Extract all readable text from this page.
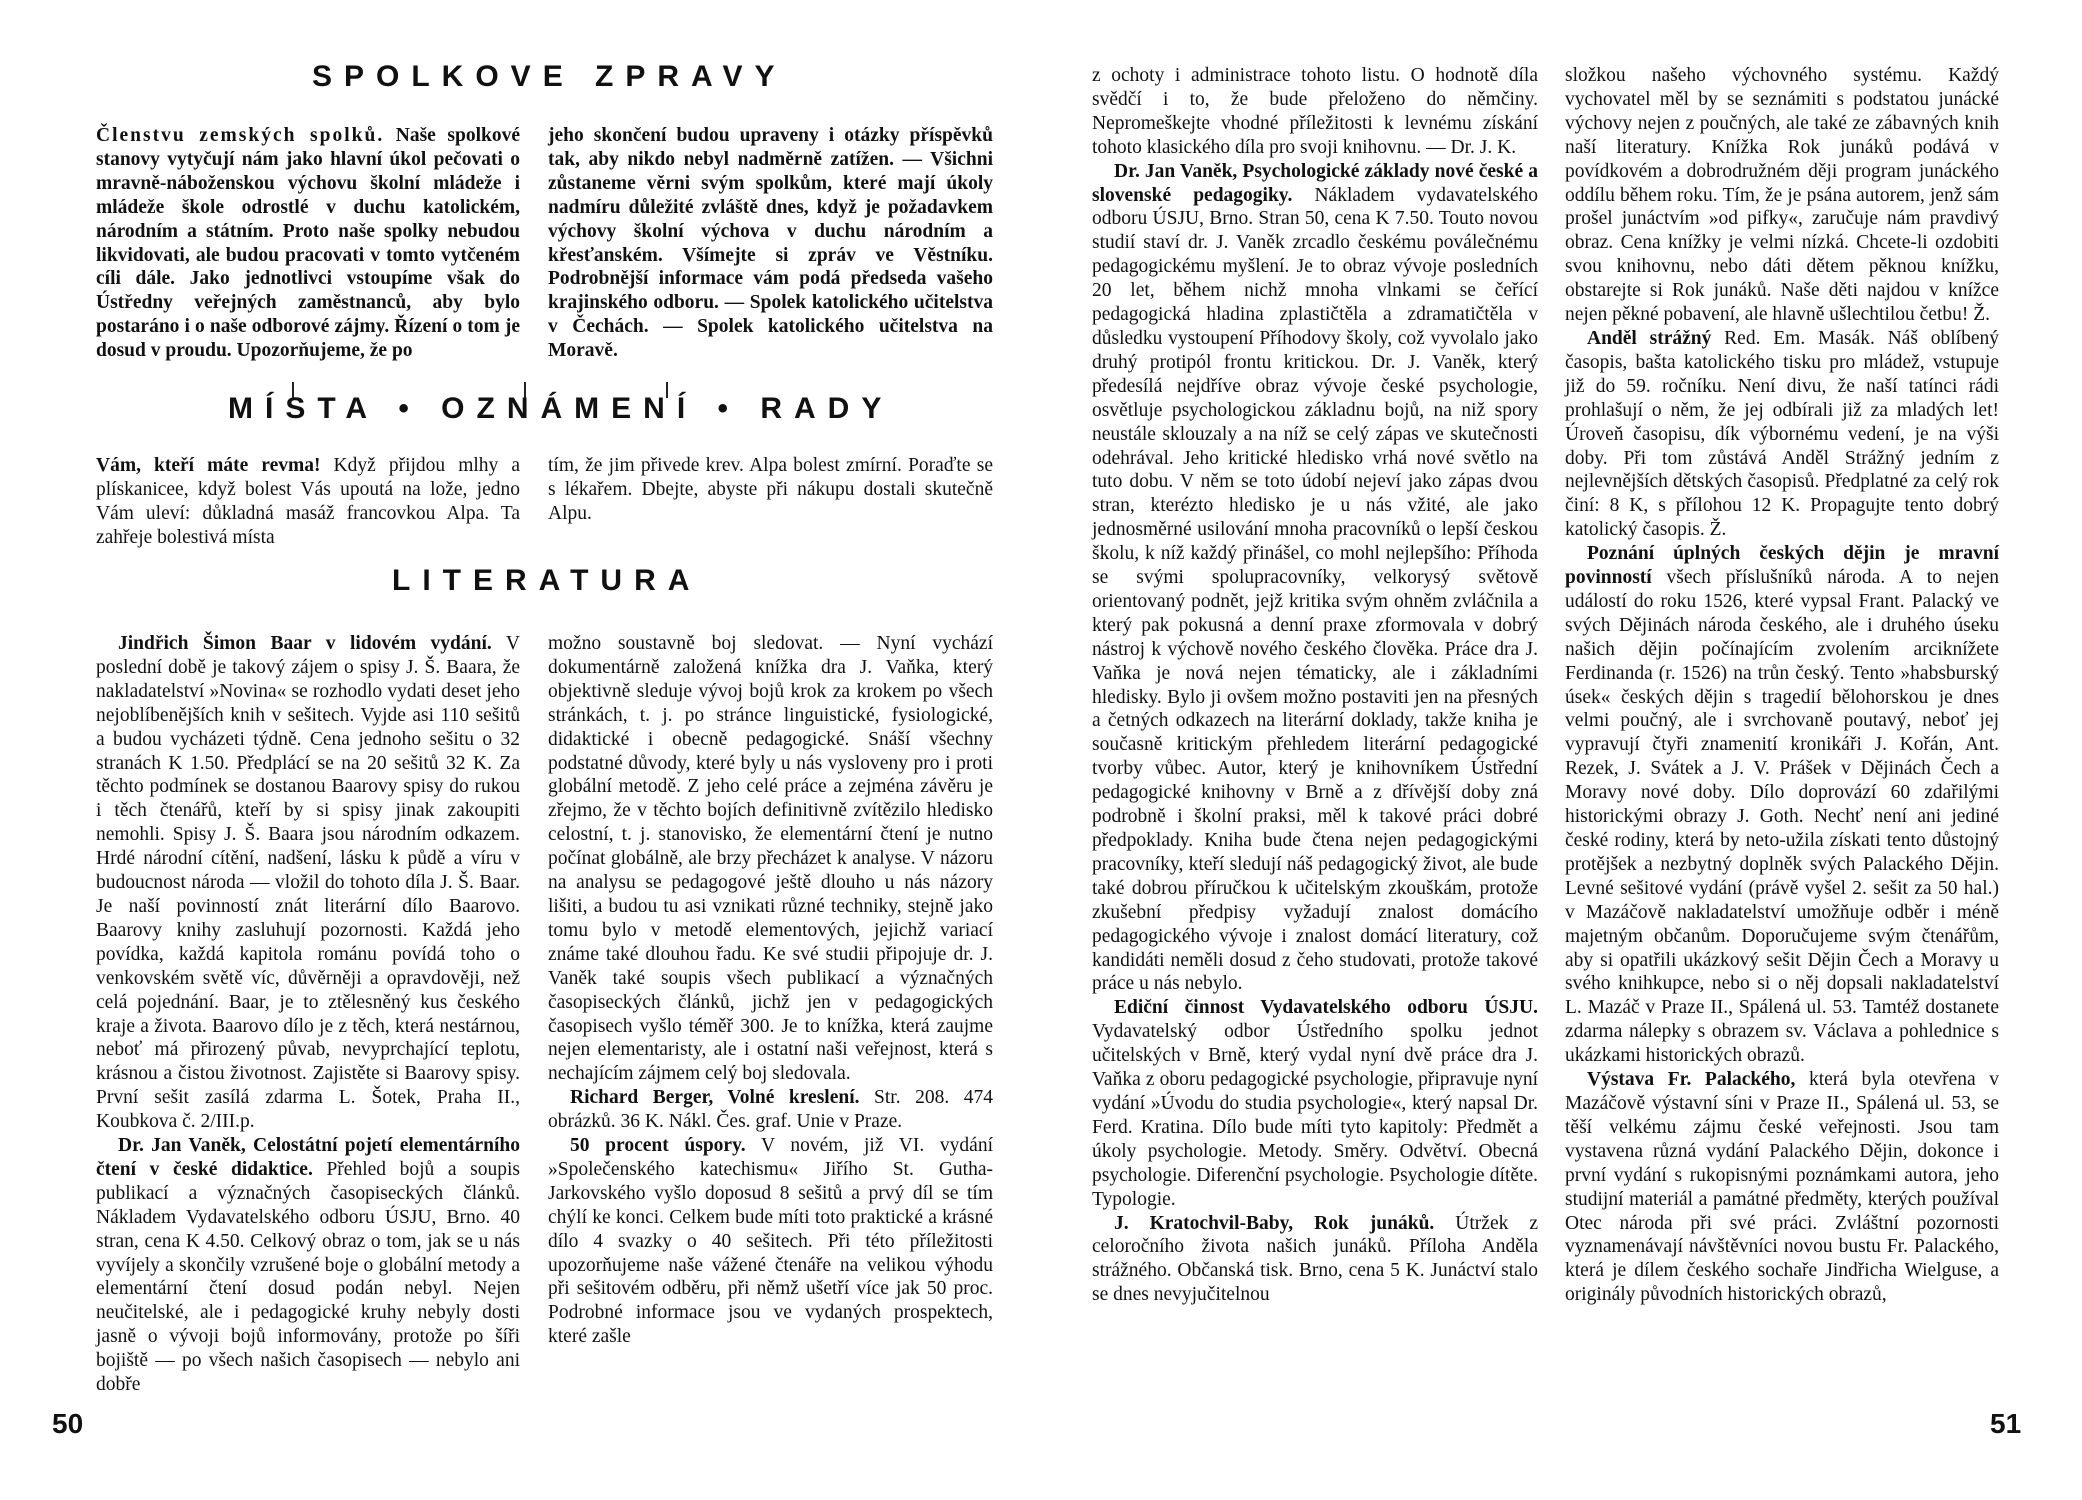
SPOLKOVE ZPRAVY

Členstvu zemských spolků. Naše spolkové stanovy vytyčují nám jako hlavní úkol pečovati o mravně-náboženskou výchovu školní mládeže i mládeže škole odrostlé v duchu katolickém, národním a státním. Proto naše spolky nebudou likvidovati, ale budou pracovati v tomto vytčeném cíli dále. Jako jednotlivci vstoupíme však do Ústředny veřejných zaměstnanců, aby bylo postaráno i o naše odborové zájmy. Řízení o tom je dosud v proudu. Upozorňujeme, že po

jeho skončení budou upraveny i otázky příspěvků tak, aby nikdo nebyl nadměrně zatížen. — Všichni zůstaneme věrni svým spolkům, které mají úkoly nadmíru důležité zvláště dnes, když je požadavkem výchovy školní výchova v duchu národním a křesťanském. Všímejte si zpráv ve Věstníku. Podrobnější informace vám podá předseda vašeho krajinského odboru. — Spolek katolického učitelstva v Čechách. — Spolek katolického učitelstva na Moravě.

MÍSTA • OZNÁMENÍ • RADY

Vám, kteří máte revma! Když přijdou mlhy a plískanicee, když bolest Vás upoutá na lože, jedno Vám uleví: důkladná masáž francovkou Alpa. Ta zahřeje bolestivá místa

tím, že jim přivede krev. Alpa bolest zmírní. Poraďte se s lékařem. Dbejte, abyste při nákupu dostali skutečně Alpu.

LITERATURA

Jindřich Šimon Baar v lidovém vydání. V poslední době je takový zájem o spisy J. Š. Baara, že nakladatelství »Novina« se rozhodlo vydati deset jeho nejoblíbenějších knih v sešitech. Vyjde asi 110 sešitů a budou vycházeti týdně. Cena jednoho sešitu o 32 stranách K 1.50. Předplácí se na 20 sešitů 32 K. Za těchto podmínek se dostanou Baarovy spisy do rukou i těch čtenářů, kteří by si spisy jinak zakoupiti nemohli. Spisy J. Š. Baara jsou národním odkazem. Hrdé národní cítění, nadšení, lásku k půdě a víru v budoucnost národa — vložil do tohoto díla J. Š. Baar. Je naší povinností znát literární dílo Baarovo. Baarovy knihy zasluhují pozornosti. Každá jeho povídka, každá kapitola románu povídá toho o venkovském světě víc, důvěrněji a opravdověji, než celá pojednání. Baar, je to ztělesněný kus českého kraje a života. Baarovo dílo je z těch, která nestárnou, neboť má přirozený půvab, nevyprchající teplotu, krásnou a čistou životnost. Zajistěte si Baarovy spisy. První sešit zasílá zdarma L. Šotek, Praha II., Koubkova č. 2/III.p.

Dr. Jan Vaněk, Celostátní pojetí elementárního čtení v české didaktice. Přehled bojů a soupis publikací a význačných časopiseckých článků. Nákladem Vydavatelského odboru ÚSJU, Brno. 40 stran, cena K 4.50. Celkový obraz o tom, jak se u nás vyvíjely a skončily vzrušené boje o globální metody a elementární čtení dosud podán nebyl. Nejen neučitelské, ale i pedagogické kruhy nebyly dosti jasně o vývoji bojů informovány, protože po šíři bojiště — po všech našich časopisech — nebylo ani dobře

možno soustavně boj sledovat. — Nyní vychází dokumentárně založená knížka dra J. Vaňka, který objektivně sleduje vývoj bojů krok za krokem po všech stránkách, t. j. po stránce linguistické, fysiologické, didaktické i obecně pedagogické. Snáší všechny podstatné důvody, které byly u nás vysloveny pro i proti globální metodě. Z jeho celé práce a zejména závěru je zřejmo, že v těchto bojích definitivně zvítězilo hledisko celostní, t. j. stanovisko, že elementární čtení je nutno počínat globálně, ale brzy přecházet k analyse. V názoru na analysu se pedagogové ještě dlouho u nás názory lišiti, a budou tu asi vznikati různé techniky, stejně jako tomu bylo v metodě elementových, jejichž variací známe také dlouhou řadu. Ke své studii připojuje dr. J. Vaněk také soupis všech publikací a význačných časopiseckých článků, jichž jen v pedagogických časopisech vyšlo téměř 300. Je to knížka, která zaujme nejen elementaristy, ale i ostatní naši veřejnost, která s nechajícím zájmem celý boj sledovala.

Richard Berger, Volné kreslení. Str. 208. 474 obrázků. 36 K. Nákl. Čes. graf. Unie v Praze.

50 procent úspory. V novém, již VI. vydání »Společenského katechismu« Jiřího St. Gutha-Jarkovského vyšlo doposud 8 sešitů a prvý díl se tím chýlí ke konci. Celkem bude míti toto praktické a krásné dílo 4 svazky o 40 sešitech. Při této příležitosti upozorňujeme naše vážené čtenáře na velikou výhodu při sešitovém odběru, při němž ušetří více jak 50 proc. Podrobné informace jsou ve vydaných prospektech, které zašle

50

z ochoty i administrace tohoto listu. O hodnotě díla svědčí i to, že bude přeloženo do němčiny. Nepromeškejte vhodné příležitosti k levnému získání tohoto klasického díla pro svoji knihovnu. — Dr. J. K.

Dr. Jan Vaněk, Psychologické základy nové české a slovenské pedagogiky. Nákladem vydavatelského odboru ÚSJU, Brno. Stran 50, cena K 7.50. Touto novou studií staví dr. J. Vaněk zrcadlo českému poválečnému pedagogickému myšlení. Je to obraz vývoje posledních 20 let, během nichž mnoha vlnkami se čeřící pedagogická hladina zplastičtěla a zdramatičtěla v důsledku vystoupení Příhodovy školy, což vyvolalo jako druhý protipól frontu kritickou. Dr. J. Vaněk, který předesílá nejdříve obraz vývoje české psychologie, osvětluje psychologickou základnu bojů, na niž spory neustále sklouzaly a na níž se celý zápas ve skutečnosti odehrával. Jeho kritické hledisko vrhá nové světlo na tuto dobu. V něm se toto údobí nejeví jako zápas dvou stran, kterézto hledisko je u nás vžité, ale jako jednosměrné usilování mnoha pracovníků o lepší českou školu, k níž každý přinášel, co mohl nejlepšího: Příhoda se svými spolupracovníky, velkorysý světově orientovaný podnět, jejž kritika svým ohněm zvláčnila a který pak pokusná a denní praxe zformovala v dobrý nástroj k výchově nového českého člověka. Práce dra J. Vaňka je nová nejen tématicky, ale i základními hledisky. Bylo ji ovšem možno postaviti jen na přesných a četných odkazech na literární doklady, takže kniha je současně kritickým přehledem literární pedagogické tvorby vůbec. Autor, který je knihovníkem Ústřední pedagogické knihovny v Brně a z dřívější doby zná podrobně i školní praksi, měl k takové práci dobré předpoklady. Kniha bude čtena nejen pedagogickými pracovníky, kteří sledují náš pedagogický život, ale bude také dobrou příručkou k učitelským zkouškám, protože zkušební předpisy vyžadují znalost domácího pedagogického vývoje i znalost domácí literatury, což kandidáti neměli dosud z čeho studovati, protože takové práce u nás nebylo.

Ediční činnost Vydavatelského odboru ÚSJU. Vydavatelský odbor Ústředního spolku jednot učitelských v Brně, který vydal nyní dvě práce dra J. Vaňka z oboru pedagogické psychologie, připravuje nyní vydání »Úvodu do studia psychologie«, který napsal Dr. Ferd. Kratina. Dílo bude míti tyto kapitoly: Předmět a úkoly psychologie. Metody. Směry. Odvětví. Obecná psychologie. Diferenční psychologie. Psychologie dítěte. Typologie.

J. Kratochvil-Baby, Rok junáků. Útržek z celoročního života našich junáků. Příloha Anděla strážného. Občanská tisk. Brno, cena 5 K. Junáctví stalo se dnes nevyjučitelnou

složkou našeho výchovného systému. Každý vychovatel měl by se seznámiti s podstatou junácké výchovy nejen z poučných, ale také ze zábavných knih naší literatury. Knížka Rok junáků podává v povídkovém a dobrodružném ději program junáckého oddílu během roku. Tím, že je psána autorem, jenž sám prošel junáctvím »od pifky«, zaručuje nám pravdivý obraz. Cena knížky je velmi nízká. Chcete-li ozdobiti svou knihovnu, nebo dáti dětem pěknou knížku, obstarejte si Rok junáků. Naše děti najdou v knížce nejen pěkné pobavení, ale hlavně ušlechtilou četbu! Ž.

Anděl strážný Red. Em. Masák. Náš oblíbený časopis, bašta katolického tisku pro mládež, vstupuje již do 59. ročníku. Není divu, že naší tatínci rádi prohlašují o něm, že jej odbírali již za mladých let! Úroveň časopisu, dík výbornému vedení, je na výši doby. Při tom zůstává Anděl Strážný jedním z nejlevnějších dětských časopisů. Předplatné za celý rok činí: 8 K, s přílohou 12 K. Propagujte tento dobrý katolický časopis. Ž.

Poznání úplných českých dějin je mravní povinností všech příslušníků národa. A to nejen událostí do roku 1526, které vypsal Frant. Palacký ve svých Dějinách národa českého, ale i druhého úseku našich dějin počínajícím zvolením arciknížete Ferdinanda (r. 1526) na trůn český. Tento »habsburský úsek« českých dějin s tragedií bělohorskou je dnes velmi poučný, ale i svrchovaně poutavý, neboť jej vypravují čtyři znamenití kronikáři J. Kořán, Ant. Rezek, J. Svátek a J. V. Prášek v Dějinách Čech a Moravy nové doby. Dílo doprovází 60 zdařilými historickými obrazy J. Goth. Nechť není ani jediné české rodiny, která by neto-užila získati tento důstojný protějšek a nezbytný doplněk svých Palackého Dějin. Levné sešitové vydání (právě vyšel 2. sešit za 50 hal.) v Mazáčově nakladatelství umožňuje odběr i méně majetným občanům. Doporučujeme svým čtenářům, aby si opatřili ukázkový sešit Dějin Čech a Moravy u svého knihkupce, nebo si o něj dopsali nakladatelství L. Mazáč v Praze II., Spálená ul. 53. Tamtéž dostanete zdarma nálepky s obrazem sv. Václava a pohlednice s ukázkami historických obrazů.

Výstava Fr. Palackého, která byla otevřena v Mazáčově výstavní síni v Praze II., Spálená ul. 53, se těší velkému zájmu české veřejnosti. Jsou tam vystavena různá vydání Palackého Dějin, dokonce i první vydání s rukopisnými poznámkami autora, jeho studijní materiál a památné předměty, kterých používal Otec národa při své práci. Zvláštní pozornosti vyznamenávají návštěvníci novou bustu Fr. Palackého, která je dílem českého sochaře Jindřicha Wielguse, a originály původních historických obrazů,

51
